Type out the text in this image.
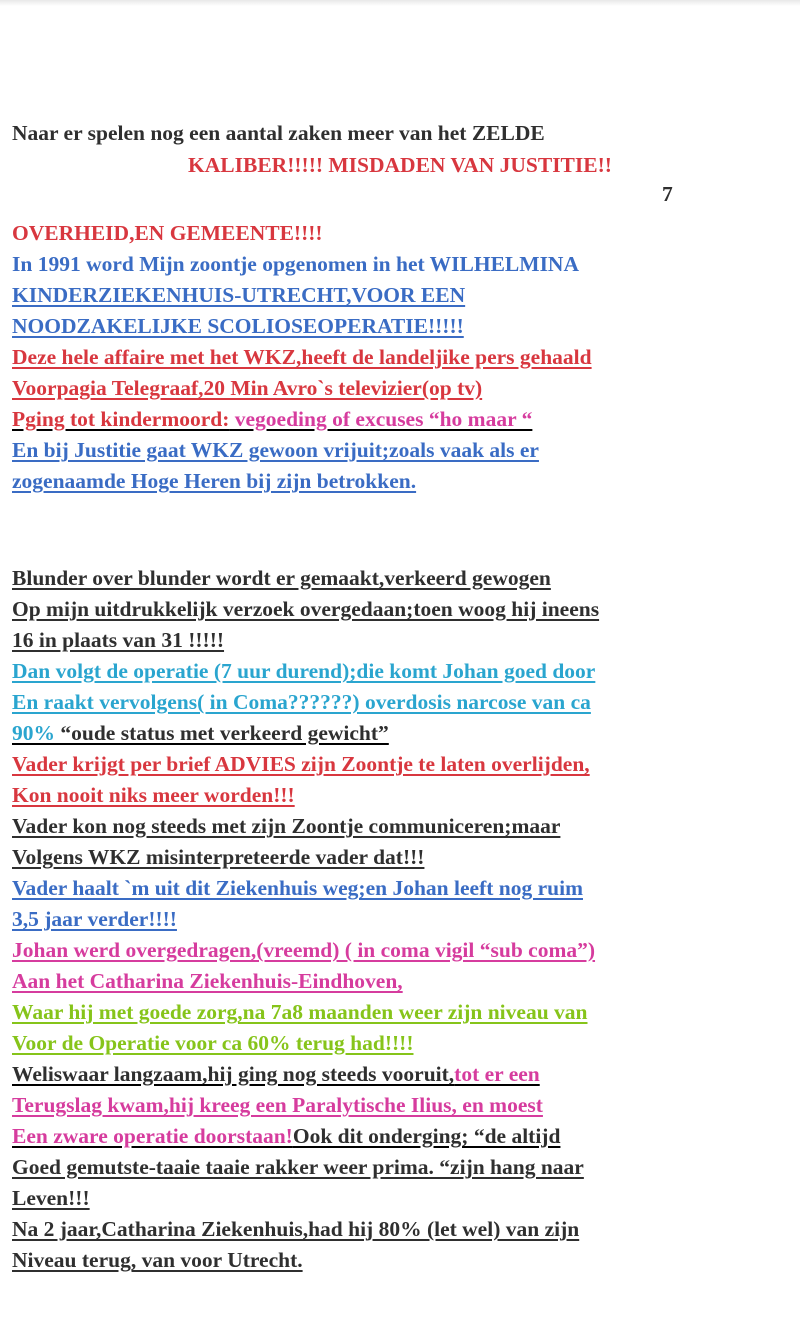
Naar er spelen nog een aantal zaken meer van het ZELDE
KALIBER!!!!! MISDADEN VAN JUSTITIE!!
7
OVERHEID,EN GEMEENTE!!!!
In 1991 word Mijn zoontje opgenomen in het WILHELMINA
KINDERZIEKENHUIS-UTRECHT,VOOR EEN
NOODZAKELIJKE SCOLIOSEOPERATIE!!!!!
Deze hele affaire met het WKZ,heeft de landeljike pers gehaald
Voorpagia Telegraaf,20 Min Avro`s televizier(op tv)
Pging tot kindermoord: vegoeding of excuses “ho maar “
En bij Justitie gaat WKZ gewoon vrijuit;zoals vaak als er
zogenaamde Hoge Heren bij zijn betrokken.
Blunder over blunder wordt er gemaakt,verkeerd gewogen
Op mijn uitdrukkelijk verzoek overgedaan;toen woog hij ineens
16 in plaats van 31 !!!!!
Dan volgt de operatie (7 uur durend);die komt Johan goed door
En raakt vervolgens( in Coma??????) overdosis narcose van ca
90% “oude status met verkeerd gewicht”
Vader krijgt per brief ADVIES zijn Zoontje te laten overlijden,
Kon nooit niks meer worden!!!
Vader kon nog steeds met zijn Zoontje communiceren;maar
Volgens WKZ misinterpreteerde vader dat!!!
Vader haalt `m uit dit Ziekenhuis weg;en Johan leeft nog ruim
3,5 jaar verder!!!!
Johan werd overgedragen,(vreemd) ( in coma vigil “sub coma”)
Aan het Catharina Ziekenhuis-Eindhoven,
Waar hij met goede zorg,na 7a8 maanden weer zijn niveau van
Voor de Operatie voor ca 60% terug had!!!!
Weliswaar langzaam,hij ging nog steeds vooruit,tot er een
Terugslag kwam,hij kreeg een Paralytische Ilius, en moest
Een zware operatie doorstaan!Ook dit onderging; “de altijd
Goed gemutste-taaie taaie rakker weer prima. “zijn hang naar
Leven!!!
Na 2 jaar,Catharina Ziekenhuis,had hij 80% (let wel) van zijn
Niveau terug, van voor Utrecht.
